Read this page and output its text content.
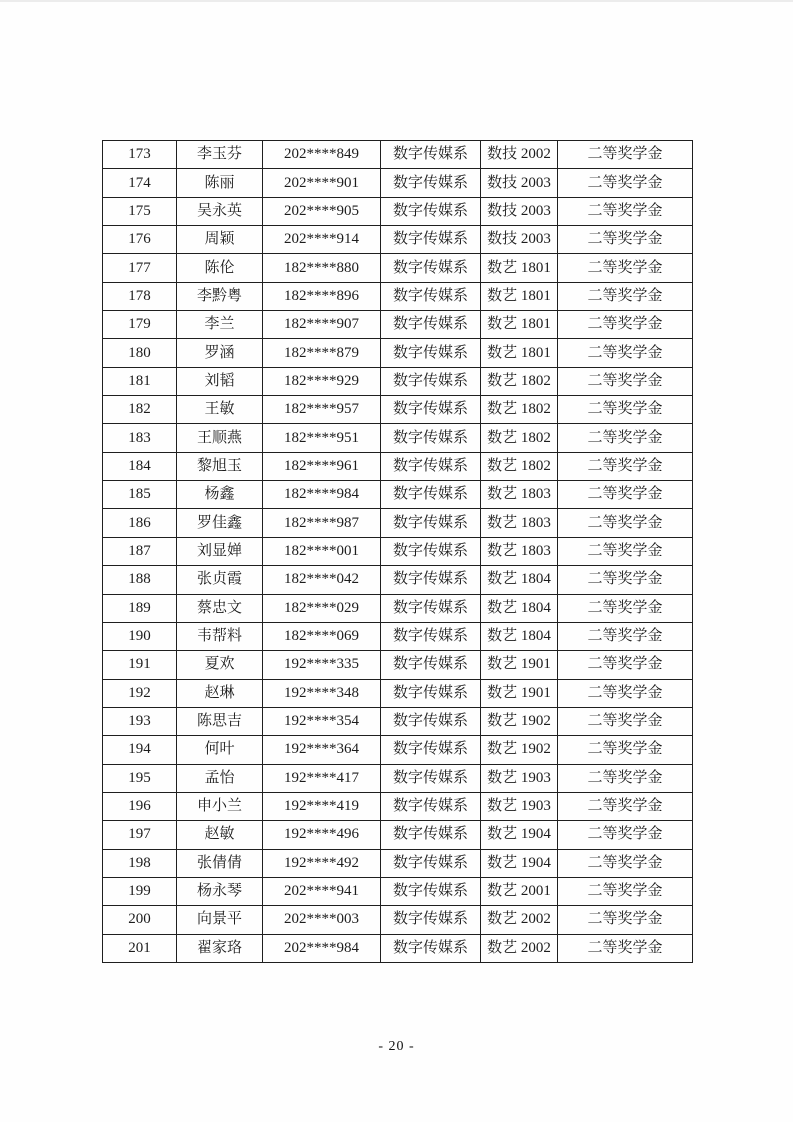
173	李玉芬	202****849	数字传媒系	数技 2002	二等奖学金
174	陈丽	202****901	数字传媒系	数技 2003	二等奖学金
175	吴永英	202****905	数字传媒系	数技 2003	二等奖学金
176	周颖	202****914	数字传媒系	数技 2003	二等奖学金
177	陈伦	182****880	数字传媒系	数艺 1801	二等奖学金
178	李黔粤	182****896	数字传媒系	数艺 1801	二等奖学金
179	李兰	182****907	数字传媒系	数艺 1801	二等奖学金
180	罗涵	182****879	数字传媒系	数艺 1801	二等奖学金
181	刘韬	182****929	数字传媒系	数艺 1802	二等奖学金
182	王敏	182****957	数字传媒系	数艺 1802	二等奖学金
183	王顺燕	182****951	数字传媒系	数艺 1802	二等奖学金
184	黎旭玉	182****961	数字传媒系	数艺 1802	二等奖学金
185	杨鑫	182****984	数字传媒系	数艺 1803	二等奖学金
186	罗佳鑫	182****987	数字传媒系	数艺 1803	二等奖学金
187	刘显婵	182****001	数字传媒系	数艺 1803	二等奖学金
188	张贞霞	182****042	数字传媒系	数艺 1804	二等奖学金
189	蔡忠文	182****029	数字传媒系	数艺 1804	二等奖学金
190	韦帮料	182****069	数字传媒系	数艺 1804	二等奖学金
191	夏欢	192****335	数字传媒系	数艺 1901	二等奖学金
192	赵琳	192****348	数字传媒系	数艺 1901	二等奖学金
193	陈思吉	192****354	数字传媒系	数艺 1902	二等奖学金
194	何叶	192****364	数字传媒系	数艺 1902	二等奖学金
195	孟怡	192****417	数字传媒系	数艺 1903	二等奖学金
196	申小兰	192****419	数字传媒系	数艺 1903	二等奖学金
197	赵敏	192****496	数字传媒系	数艺 1904	二等奖学金
198	张倩倩	192****492	数字传媒系	数艺 1904	二等奖学金
199	杨永琴	202****941	数字传媒系	数艺 2001	二等奖学金
200	向景平	202****003	数字传媒系	数艺 2002	二等奖学金
201	翟家珞	202****984	数字传媒系	数艺 2002	二等奖学金
- 20 -
